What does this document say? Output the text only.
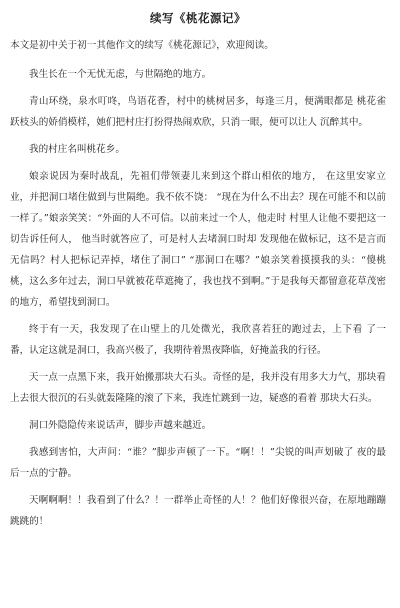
续写《桃花源记》

本文是初中关于初一其他作文的续写《桃花源记》，欢迎阅读。

我生长在一个无忧无虑，与世隔绝的地方。

青山环绕，泉水叮咚，鸟语花香，村中的桃树居多，每逢三月，便满眼都是 桃花雀跃枝头的娇俏模样，她们把村庄打扮得热闹欢欣，只消一眼，便可以让人 沉醉其中。

我的村庄名叫桃花乡。

娘亲说因为秦时战乱，先祖们带领妻儿来到这个群山相依的地方， 在这里安家立业，并把洞口堵住做到与世隔绝。我不依不饶： “现在为什么不出去？现在可能不和以前一样了。”娘亲笑笑：“外面的人不可信。以前来过一个人，他走时 村里人让他不要把这一切告诉任何人， 他当时就答应了，可是村人去堵洞口时却 发现他在做标记，这不是言而无信吗？村人把标记弄掉，堵住了洞口” “那洞口在哪？”娘亲笑着摸摸我的头：“傻桃桃，这么多年过去，洞口早就被花草遮掩了，我也找不到啊。”于是我每天都留意花草茂密的地方，希望找到洞口。

终于有一天，我发现了在山壁上的几处微光，我欣喜若狂的跑过去，上下看 了一番，认定这就是洞口，我高兴极了，我期待着黑夜降临，好掩盖我的行径。

天一点一点黑下来，我开始搬那块大石头。奇怪的是，我并没有用多大力气，那块看上去很大很沉的石头就轰隆隆的滚了下来，我连忙跳到一边，疑惑的看着 那块大石头。

洞口外隐隐传来说话声，脚步声越来越近。

我感到害怕，大声问：“谁？”脚步声顿了一下。“啊！！”尖锐的叫声划破了 夜的最后一点的宁静。

天啊啊啊！！我看到了什么？！一群举止奇怪的人！？他们好像很兴奋，在原地蹦蹦跳跳的！
